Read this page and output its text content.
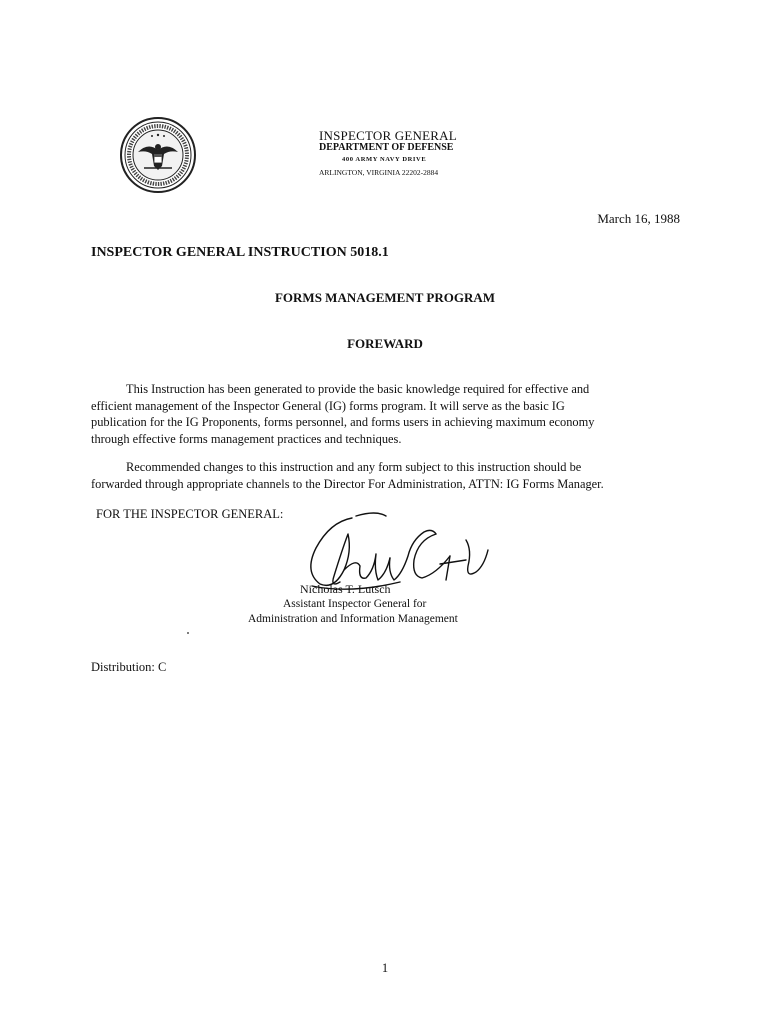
INSPECTOR GENERAL
DEPARTMENT OF DEFENSE
400 ARMY NAVY DRIVE
ARLINGTON, VIRGINIA 22202-2884
March 16, 1988
INSPECTOR GENERAL INSTRUCTION 5018.1
FORMS MANAGEMENT PROGRAM
FOREWARD
This Instruction has been generated to provide the basic knowledge required for effective and
efficient management of the Inspector General (IG) forms program. It will serve as the basic IG
publication for the IG Proponents, forms personnel, and forms users in achieving maximum economy
through effective forms management practices and techniques.
Recommended changes to this instruction and any form subject to this instruction should be
forwarded through appropriate channels to the Director For Administration, ATTN: IG Forms Manager.
FOR THE INSPECTOR GENERAL:
Nicholas T. Lutsch
Assistant Inspector General for
Administration and Information Management
Distribution: C
1
